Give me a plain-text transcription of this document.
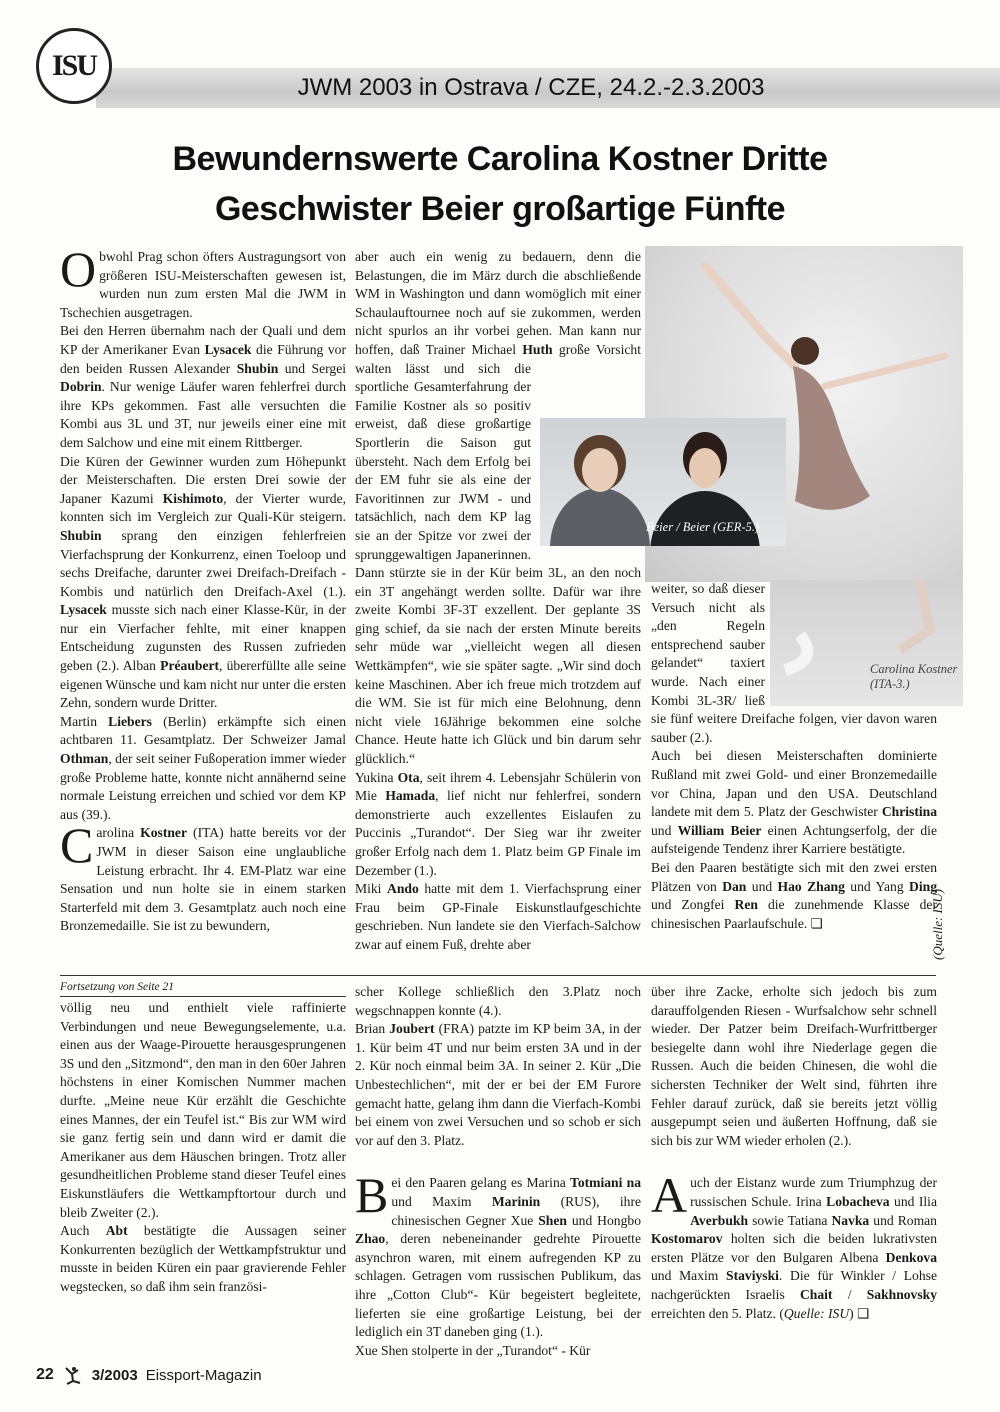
ISU
JWM 2003 in Ostrava / CZE, 24.2.-2.3.2003
Bewundernswerte Carolina Kostner Dritte
Geschwister Beier großartige Fünfte
Carolina Kostner
(ITA-3.)
Beier / Beier (GER-5.)
(Quelle: ISU)

Obwohl Prag schon öfters Austragungsort von größeren ISU-Meisterschaften gewesen ist, wurden nun zum ersten Mal die JWM in Tschechien ausgetragen.

Bei den Herren übernahm nach der Quali und dem KP der Amerikaner Evan Lysacek die Führung vor den beiden Russen Alexander Shubin und Sergei Dobrin. Nur wenige Läufer waren fehlerfrei durch ihre KPs gekommen. Fast alle versuchten die Kombi aus 3L und 3T, nur jeweils einer eine mit dem Salchow und eine mit einem Rittberger.

Die Küren der Gewinner wurden zum Höhepunkt der Meisterschaften. Die ersten Drei sowie der Japaner Kazumi Kishimoto, der Vierter wurde, konnten sich im Vergleich zur Quali-Kür steigern. Shubin sprang den einzigen fehlerfreien Vierfachsprung der Konkurrenz, einen Toeloop und sechs Dreifache, darunter zwei Dreifach-Dreifach - Kombis und natürlich den Dreifach-Axel (1.). Lysacek musste sich nach einer Klasse-Kür, in der nur ein Vierfacher fehlte, mit einer knappen Entscheidung zugunsten des Russen zufrieden geben (2.). Alban Préaubert, übererfüllte alle seine eigenen Wünsche und kam nicht nur unter die ersten Zehn, sondern wurde Dritter.

Martin Liebers (Berlin) erkämpfte sich einen achtbaren 11. Gesamtplatz. Der Schweizer Jamal Othman, der seit seiner Fußoperation immer wieder große Probleme hatte, konnte nicht annähernd seine normale Leistung erreichen und schied vor dem KP aus (39.).

Carolina Kostner (ITA) hatte bereits vor der JWM in dieser Saison eine unglaubliche Leistung erbracht. Ihr 4. EM-Platz war eine Sensation und nun holte sie in einem starken Starterfeld mit dem 3. Gesamtplatz auch noch eine Bronzemedaille. Sie ist zu bewundern,

aber auch ein wenig zu bedauern, denn die Belastungen, die im März durch die abschließende WM in Washington und dann womöglich mit einer Schaulauftournee noch auf sie zukommen, werden nicht spurlos an ihr vorbei gehen. Man kann nur hoffen, daß Trainer Michael Huth große Vorsicht walten lässt und sich die sportliche Gesamterfahrung der Familie Kostner als so positiv erweist, daß diese großartige Sportlerin die Saison gut übersteht. Nach dem Erfolg bei der EM fuhr sie als eine der Favoritinnen zur JWM - und tatsächlich, nach dem KP lag sie an der Spitze vor zwei der sprunggewaltigen Japanerinnen. Dann stürzte sie in der Kür beim 3L, an den noch ein 3T angehängt werden sollte. Dafür war ihre zweite Kombi 3F-3T exzellent. Der geplante 3S ging schief, da sie nach der ersten Minute bereits sehr müde war „vielleicht wegen all diesen Wettkämpfen“, wie sie später sagte. „Wir sind doch keine Maschinen. Aber ich freue mich trotzdem auf die WM. Sie ist für mich eine Belohnung, denn nicht viele 16Jährige bekommen eine solche Chance. Heute hatte ich Glück und bin darum sehr glücklich.“

Yukina Ota, seit ihrem 4. Lebensjahr Schülerin von Mie Hamada, lief nicht nur fehlerfrei, sondern demonstrierte auch exzellentes Eislaufen zu Puccinis „Turandot“. Der Sieg war ihr zweiter großer Erfolg nach dem 1. Platz beim GP Finale im Dezember (1.).

Miki Ando hatte mit dem 1. Vierfachsprung einer Frau beim GP-Finale Eiskunstlaufgeschichte geschrieben. Nun landete sie den Vierfach-Salchow zwar auf einem Fuß, drehte aber

weiter, so daß dieser Versuch nicht als „den Regeln entsprechend sauber gelandet“ taxiert wurde. Nach einer Kombi 3L-3R/ ließ sie fünf weitere Dreifache folgen, vier davon waren sauber (2.).

Auch bei diesen Meisterschaften dominierte Rußland mit zwei Gold- und einer Bronzemedaille vor China, Japan und den USA. Deutschland landete mit dem 5. Platz der Geschwister Christina und William Beier einen Achtungserfolg, der die aufsteigende Tendenz ihrer Karriere bestätigte.

Bei den Paaren bestätigte sich mit den zwei ersten Plätzen von Dan und Hao Zhang und Yang Ding und Zongfei Ren die zunehmende Klasse der chinesischen Paarlaufschule. ❑

Fortsetzung von Seite 21

völlig neu und enthielt viele raffinierte Verbindungen und neue Bewegungselemente, u.a. einen aus der Waage-Pirouette herausgesprungenen 3S und den „Sitzmond“, den man in den 60er Jahren höchstens in einer Komischen Nummer machen durfte. „Meine neue Kür erzählt die Geschichte eines Mannes, der ein Teufel ist.“ Bis zur WM wird sie ganz fertig sein und dann wird er damit die Amerikaner aus dem Häuschen bringen. Trotz aller gesundheitlichen Probleme stand dieser Teufel eines Eiskunstläufers die Wettkampftortour durch und bleib Zweiter (2.).

Auch Abt bestätigte die Aussagen seiner Konkurrenten bezüglich der Wettkampfstruktur und musste in beiden Küren ein paar gravierende Fehler wegstecken, so daß ihm sein französi-

scher Kollege schließlich den 3.Platz noch wegschnappen konnte (4.).

Brian Joubert (FRA) patzte im KP beim 3A, in der 1. Kür beim 4T und nur beim ersten 3A und in der 2. Kür noch einmal beim 3A. In seiner 2. Kür „Die Unbestechlichen“, mit der er bei der EM Furore gemacht hatte, gelang ihm dann die Vierfach-Kombi bei einem von zwei Versuchen und so schob er sich vor auf den 3. Platz.

Bei den Paaren gelang es Marina Totmiani na und Maxim Marinin (RUS), ihre chinesischen Gegner Xue Shen und Hongbo Zhao, deren nebeneinander gedrehte Pirouette asynchron waren, mit einem aufregenden KP zu schlagen. Getragen vom russischen Publikum, das ihre „Cotton Club“- Kür begeistert begleitete, lieferten sie eine großartige Leistung, bei der lediglich ein 3T daneben ging (1.).

Xue Shen stolperte in der „Turandot“ - Kür

über ihre Zacke, erholte sich jedoch bis zum darauffolgenden Riesen - Wurfsalchow sehr schnell wieder. Der Patzer beim Dreifach-Wurfrittberger besiegelte dann wohl ihre Niederlage gegen die Russen. Auch die beiden Chinesen, die wohl die sichersten Techniker der Welt sind, führten ihre Fehler darauf zurück, daß sie bereits jetzt völlig ausgepumpt seien und äußerten Hoffnung, daß sie sich bis zur WM wieder erholen (2.).

Auch der Eistanz wurde zum Triumphzug der russischen Schule. Irina Lobacheva und Ilia Averbukh sowie Tatiana Navka und Roman Kostomarov holten sich die beiden lukrativsten ersten Plätze vor den Bulgaren Albena Denkova und Maxim Staviyski. Die für Winkler / Lohse nachgerückten Israelis Chait / Sakhnovsky erreichten den 5. Platz. (Quelle: ISU) ❑

22	3/2003 Eissport-Magazin
